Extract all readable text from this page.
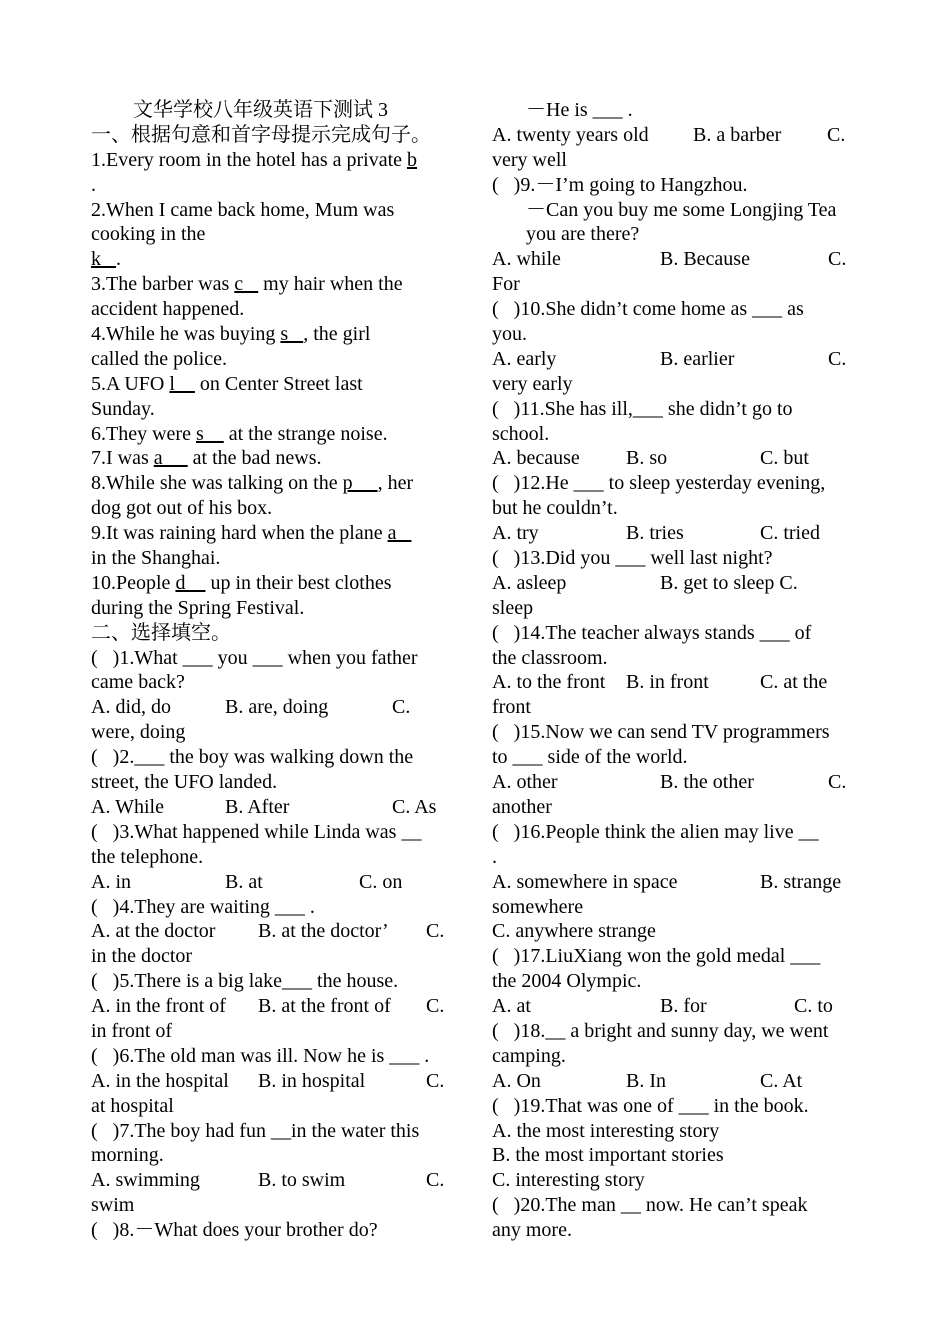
文华学校八年级英语下测试 3
一、根据句意和首字母提示完成句子。
1.Every room in the hotel has a private b
.
2.When I came back home, Mum was
cooking in the
k   .
3.The barber was c    my hair when the
accident happened.
4.While he was buying s   , the girl
called the police.
5.A UFO l     on Center Street last
Sunday.
6.They were s     at the strange noise.
7.I was a      at the bad news.
8.While she was talking on the p     , her
dog got out of his box.
9.It was raining hard when the plane a
in the Shanghai.
10.People d     up in their best clothes
during the Spring Festival.
二、选择填空。
(   )1.What ___ you ___ when you father
came back?
A. did, do	B. are, doing	C.
were, doing
(   )2.___ the boy was walking down the
street, the UFO landed.
A. While	B. After	C. As
(   )3.What happened while Linda was __
the telephone.
A. in	B. at	C. on
(   )4.They are waiting ___ .
A. at the doctor	B. at the doctor’	C.
in the doctor
(   )5.There is a big lake___ the house.
A. in the front of	B. at the front of	C.
in front of
(   )6.The old man was ill. Now he is ___ .
A. in the hospital	B. in hospital	C.
at hospital
(   )7.The boy had fun __in the water this
morning.
A. swimming	B. to swim	C.
swim
(   )8.－What does your brother do?
－He is ___ .
A. twenty years old	B. a barber	C.
very well
(   )9.－I’m going to Hangzhou.
－Can you buy me some Longjing Tea
you are there?
A. while	B. Because	C.
For
(   )10.She didn’t come home as ___ as
you.
A. early	B. earlier	C.
very early
(   )11.She has ill,___ she didn’t go to
school.
A. because	B. so	C. but
(   )12.He ___ to sleep yesterday evening,
but he couldn’t.
A. try	B. tries	C. tried
(   )13.Did you ___ well last night?
A. asleep	B. get to sleep C.
sleep
(   )14.The teacher always stands ___ of
the classroom.
A. to the front	B. in front	C. at the
front
(   )15.Now we can send TV programmers
to ___ side of the world.
A. other	B. the other	C.
another
(   )16.People think the alien may live __
.
A. somewhere in space	B. strange
somewhere
C. anywhere strange
(   )17.LiuXiang won the gold medal ___
the 2004 Olympic.
A. at	B. for	C. to
(   )18.__ a bright and sunny day, we went
camping.
A. On	B. In	C. At
(   )19.That was one of ___ in the book.
A. the most interesting story
B. the most important stories
C. interesting story
(   )20.The man __ now. He can’t speak
any more.
